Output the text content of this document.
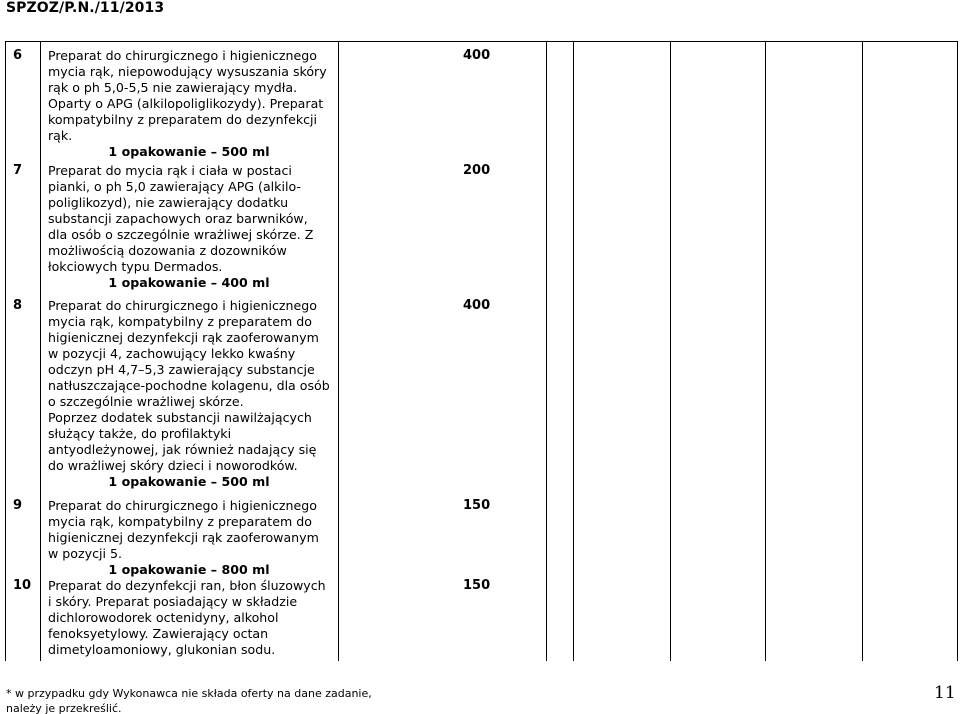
SPZOZ/P.N./11/2013
6 Preparat do chirurgicznego i higienicznego
mycia rąk, niepowodujący wysuszania skóry
rąk o ph 5,0-5,5 nie zawierający mydła.
Oparty o APG (alkilopoliglikozydy). Preparat
kompatybilny z preparatem do dezynfekcji
rąk.
1 opakowanie – 500 ml
400
7 Preparat do mycia rąk i ciała w postaci
pianki, o ph 5,0 zawierający APG (alkilo-
poliglikozyd), nie zawierający dodatku
substancji zapachowych oraz barwników,
dla osób o szczególnie wrażliwej skórze. Z
możliwością dozowania z dozowników
łokciowych typu Dermados.
1 opakowanie – 400 ml
200
8 Preparat do chirurgicznego i higienicznego
mycia rąk, kompatybilny z preparatem do
higienicznej dezynfekcji rąk zaoferowanym
w pozycji 4, zachowujący lekko kwaśny
odczyn pH 4,7–5,3 zawierający substancje
natłuszczające-pochodne kolagenu, dla osób
o szczególnie wrażliwej skórze.
Poprzez dodatek substancji nawilżających
służący także, do profilaktyki
antyodleżynowej, jak również nadający się
do wrażliwej skóry dzieci i noworodków.
1 opakowanie – 500 ml
400
9 Preparat do chirurgicznego i higienicznego
mycia rąk, kompatybilny z preparatem do
higienicznej dezynfekcji rąk zaoferowanym
w pozycji 5.
1 opakowanie – 800 ml
150
10 Preparat do dezynfekcji ran, błon śluzowych
i skóry. Preparat posiadający w składzie
dichlorowodorek octenidyny, alkohol
fenoksyetylowy. Zawierający octan
dimetyloamoniowy, glukonian sodu.
150
* w przypadku gdy Wykonawca nie składa oferty na dane zadanie,
należy je przekreślić.
11
